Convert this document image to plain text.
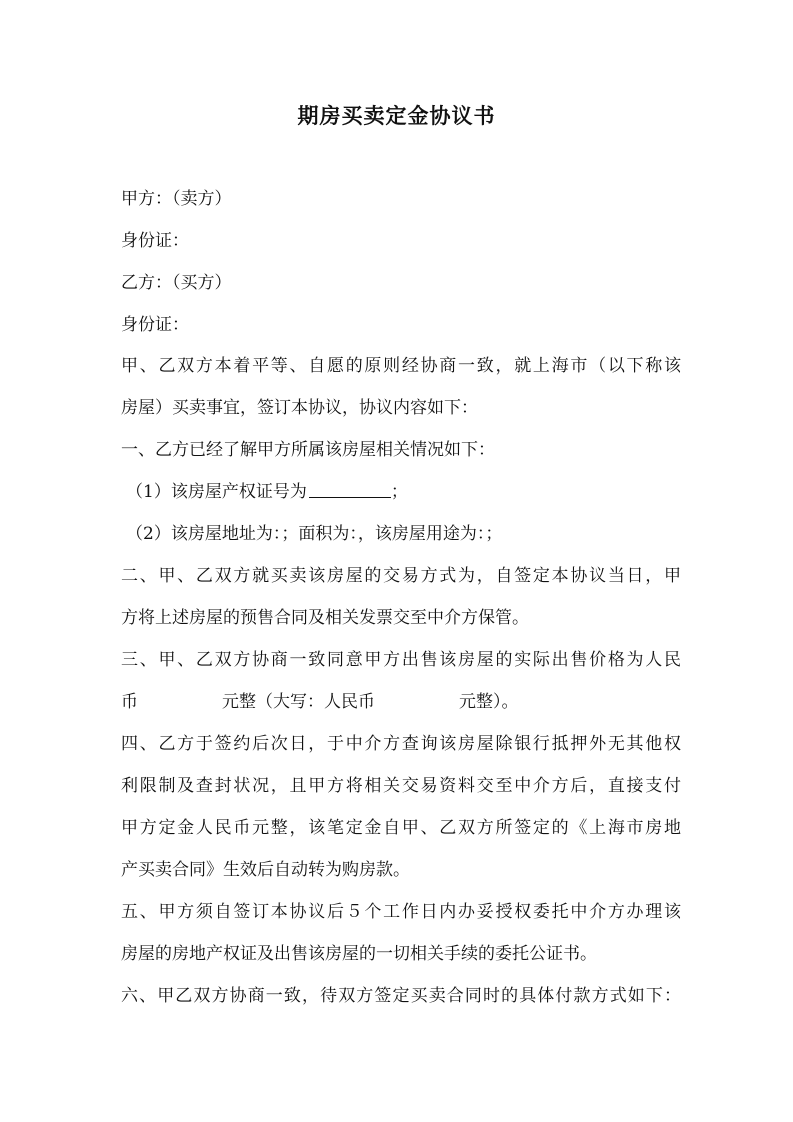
期房买卖定金协议书
甲方：（卖方）
身份证：
乙方：（买方）
身份证：
甲、乙双方本着平等、自愿的原则经协商一致，就上海市（以下称该
房屋）买卖事宜，签订本协议，协议内容如下：
一、乙方已经了解甲方所属该房屋相关情况如下：
（1）该房屋产权证号为	；
（2）该房屋地址为：；面积为：，该房屋用途为：；
二、甲、乙双方就买卖该房屋的交易方式为，自签定本协议当日，甲
方将上述房屋的预售合同及相关发票交至中介方保管。
三、甲、乙双方协商一致同意甲方出售该房屋的实际出售价格为人民
币	元整（大写：人民币	元整）。
四、乙方于签约后次日，于中介方查询该房屋除银行抵押外无其他权
利限制及查封状况，且甲方将相关交易资料交至中介方后，直接支付
甲方定金人民币元整，该笔定金自甲、乙双方所签定的《上海市房地
产买卖合同》生效后自动转为购房款。
五、甲方须自签订本协议后５个工作日内办妥授权委托中介方办理该
房屋的房地产权证及出售该房屋的一切相关手续的委托公证书。
六、甲乙双方协商一致，待双方签定买卖合同时的具体付款方式如下：
